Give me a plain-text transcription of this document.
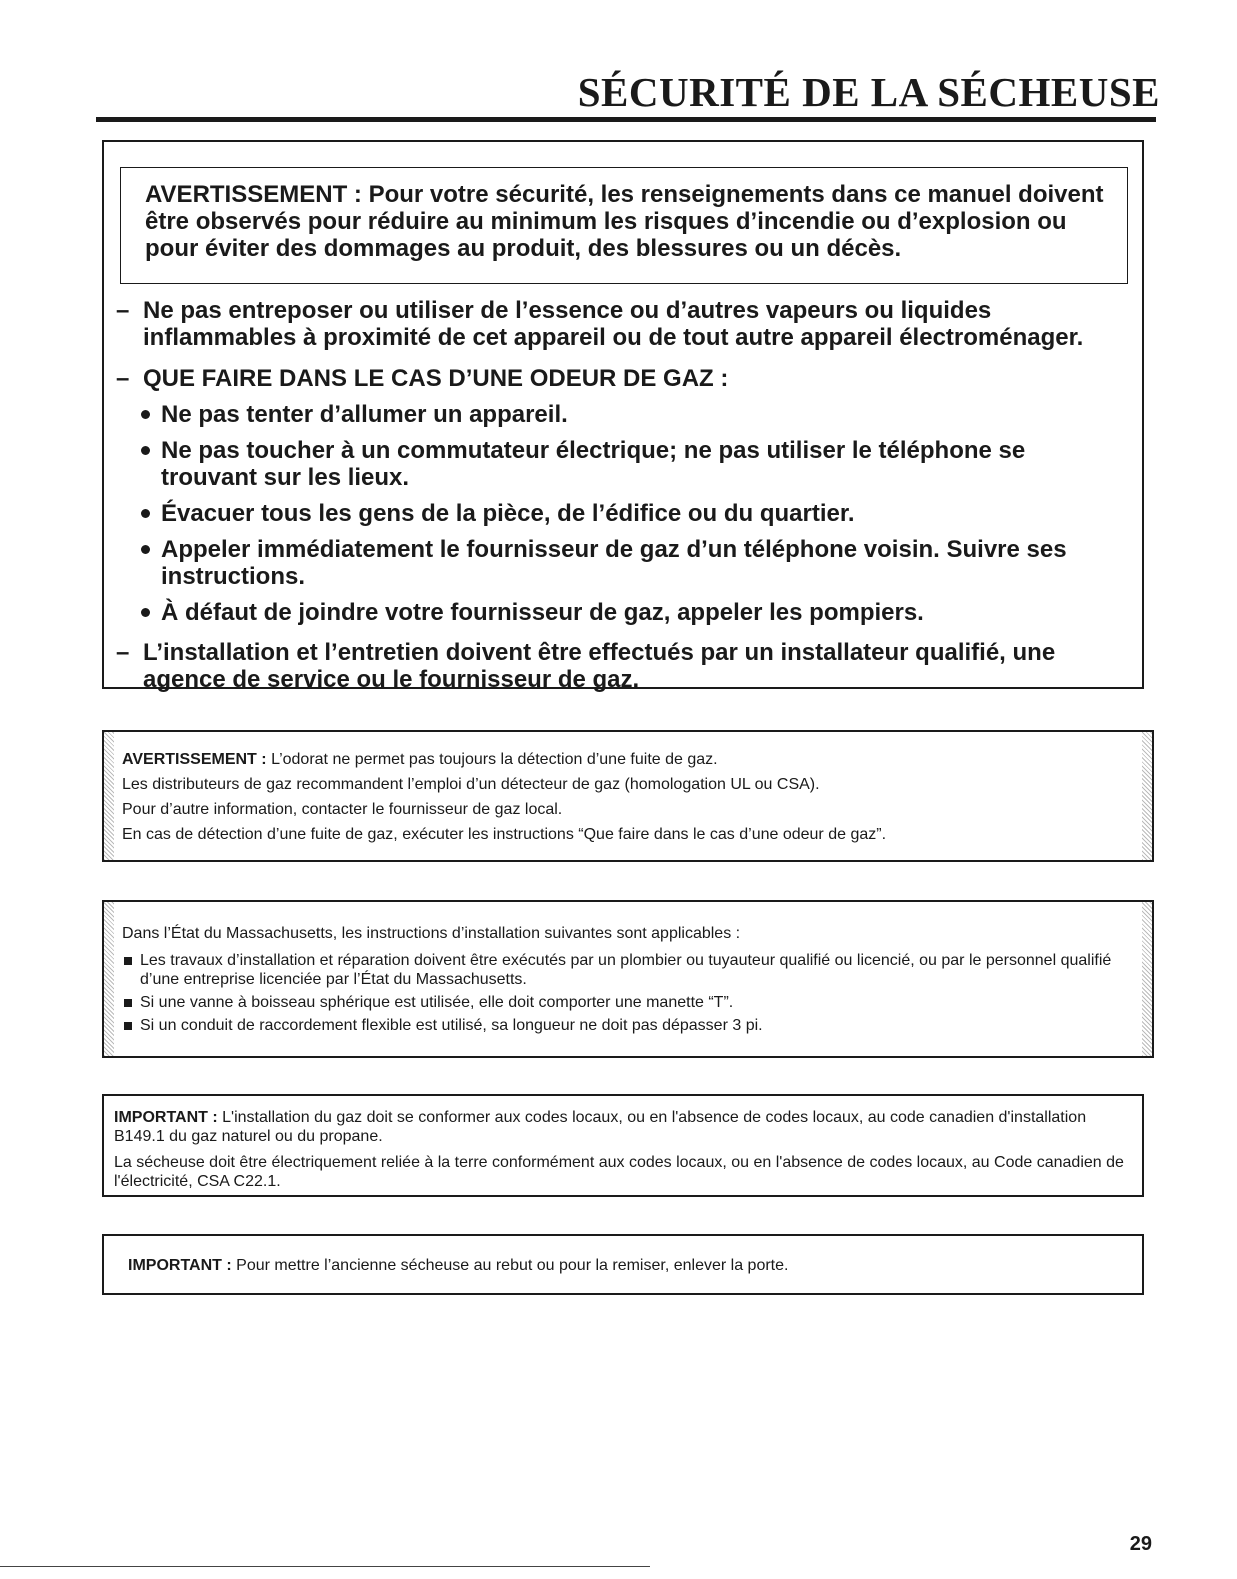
SÉCURITÉ DE LA SÉCHEUSE
AVERTISSEMENT : Pour votre sécurité, les renseignements dans ce manuel doivent être observés pour réduire au minimum les risques d’incendie ou d’explosion ou pour éviter des dommages au produit, des blessures ou un décès.
– Ne pas entreposer ou utiliser de l’essence ou d’autres vapeurs ou liquides inflammables à proximité de cet appareil ou de tout autre appareil électroménager.
– QUE FAIRE DANS LE CAS D’UNE ODEUR DE GAZ :
Ne pas tenter d’allumer un appareil.
Ne pas toucher à un commutateur électrique; ne pas utiliser le téléphone se trouvant sur les lieux.
Évacuer tous les gens de la pièce, de l’édifice ou du quartier.
Appeler immédiatement le fournisseur de gaz d’un téléphone voisin. Suivre ses instructions.
À défaut de joindre votre fournisseur de gaz, appeler les pompiers.
– L’installation et l’entretien doivent être effectués par un installateur qualifié, une agence de service ou le fournisseur de gaz.

AVERTISSEMENT : L’odorat ne permet pas toujours la détection d’une fuite de gaz.

Les distributeurs de gaz recommandent l’emploi d’un détecteur de gaz (homologation UL ou CSA).

Pour d’autre information, contacter le fournisseur de gaz local.

En cas de détection d’une fuite de gaz, exécuter les instructions “Que faire dans le cas d’une odeur de gaz”.

Dans l’État du Massachusetts, les instructions d’installation suivantes sont applicables :

Les travaux d’installation et réparation doivent être exécutés par un plombier ou tuyauteur qualifié ou licencié, ou par le personnel qualifié d’une entreprise licenciée par l’État du Massachusetts.
Si une vanne à boisseau sphérique est utilisée, elle doit comporter une manette “T”.
Si un conduit de raccordement flexible est utilisé, sa longueur ne doit pas dépasser 3 pi.

IMPORTANT : L'installation du gaz doit se conformer aux codes locaux, ou en l'absence de codes locaux, au code canadien d'installation B149.1 du gaz naturel ou du propane.

La sécheuse doit être électriquement reliée à la terre conformément aux codes locaux, ou en l'absence de codes locaux, au Code canadien de l'électricité, CSA C22.1.

IMPORTANT : Pour mettre l’ancienne sécheuse au rebut ou pour la remiser, enlever la porte.

29
